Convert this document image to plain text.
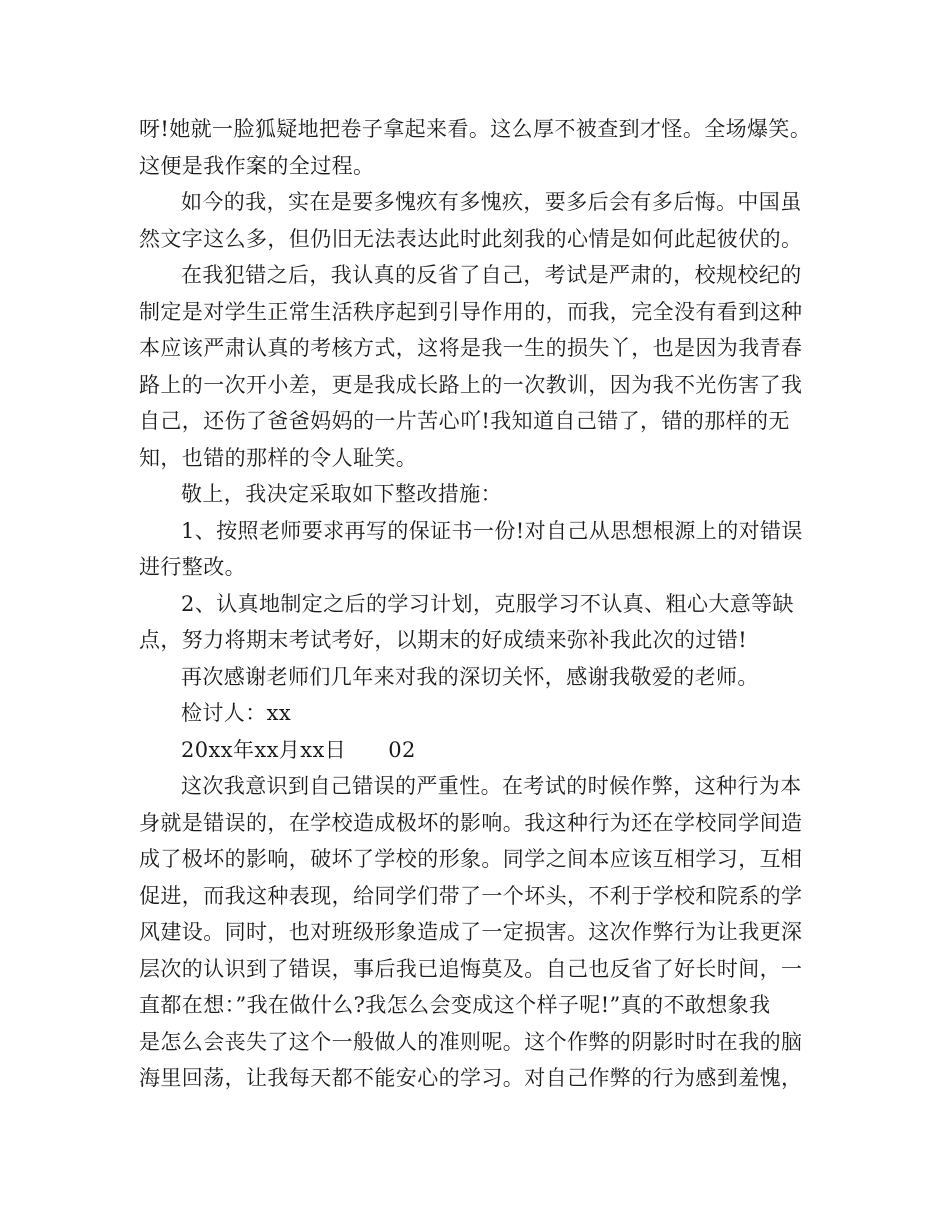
呀!她就一脸狐疑地把卷子拿起来看。这么厚不被查到才怪。全场爆笑。
这便是我作案的全过程。
如今的我，实在是要多愧疚有多愧疚，要多后会有多后悔。中国虽
然文字这么多，但仍旧无法表达此时此刻我的心情是如何此起彼伏的。
在我犯错之后，我认真的反省了自己，考试是严肃的，校规校纪的
制定是对学生正常生活秩序起到引导作用的，而我，完全没有看到这种
本应该严肃认真的考核方式，这将是我一生的损失丫，也是因为我青春
路上的一次开小差，更是我成长路上的一次教训，因为我不光伤害了我
自己，还伤了爸爸妈妈的一片苦心吖!我知道自己错了，错的那样的无
知，也错的那样的令人耻笑。
敬上，我决定采取如下整改措施：
1、按照老师要求再写的保证书一份!对自己从思想根源上的对错误
进行整改。
2、认真地制定之后的学习计划，克服学习不认真、粗心大意等缺
点，努力将期末考试考好，以期末的好成绩来弥补我此次的过错!
再次感谢老师们几年来对我的深切关怀，感谢我敬爱的老师。
检讨人：xx
20xx年xx月xx日 02
这次我意识到自己错误的严重性。在考试的时候作弊，这种行为本
身就是错误的，在学校造成极坏的影响。我这种行为还在学校同学间造
成了极坏的影响，破坏了学校的形象。同学之间本应该互相学习，互相
促进，而我这种表现，给同学们带了一个坏头，不利于学校和院系的学
风建设。同时，也对班级形象造成了一定损害。这次作弊行为让我更深
层次的认识到了错误，事后我已追悔莫及。自己也反省了好长时间，一
直都在想：”我在做什么?我怎么会变成这个样子呢!”真的不敢想象我
是怎么会丧失了这个一般做人的准则呢。这个作弊的阴影时时在我的脑
海里回荡，让我每天都不能安心的学习。对自己作弊的行为感到羞愧，
